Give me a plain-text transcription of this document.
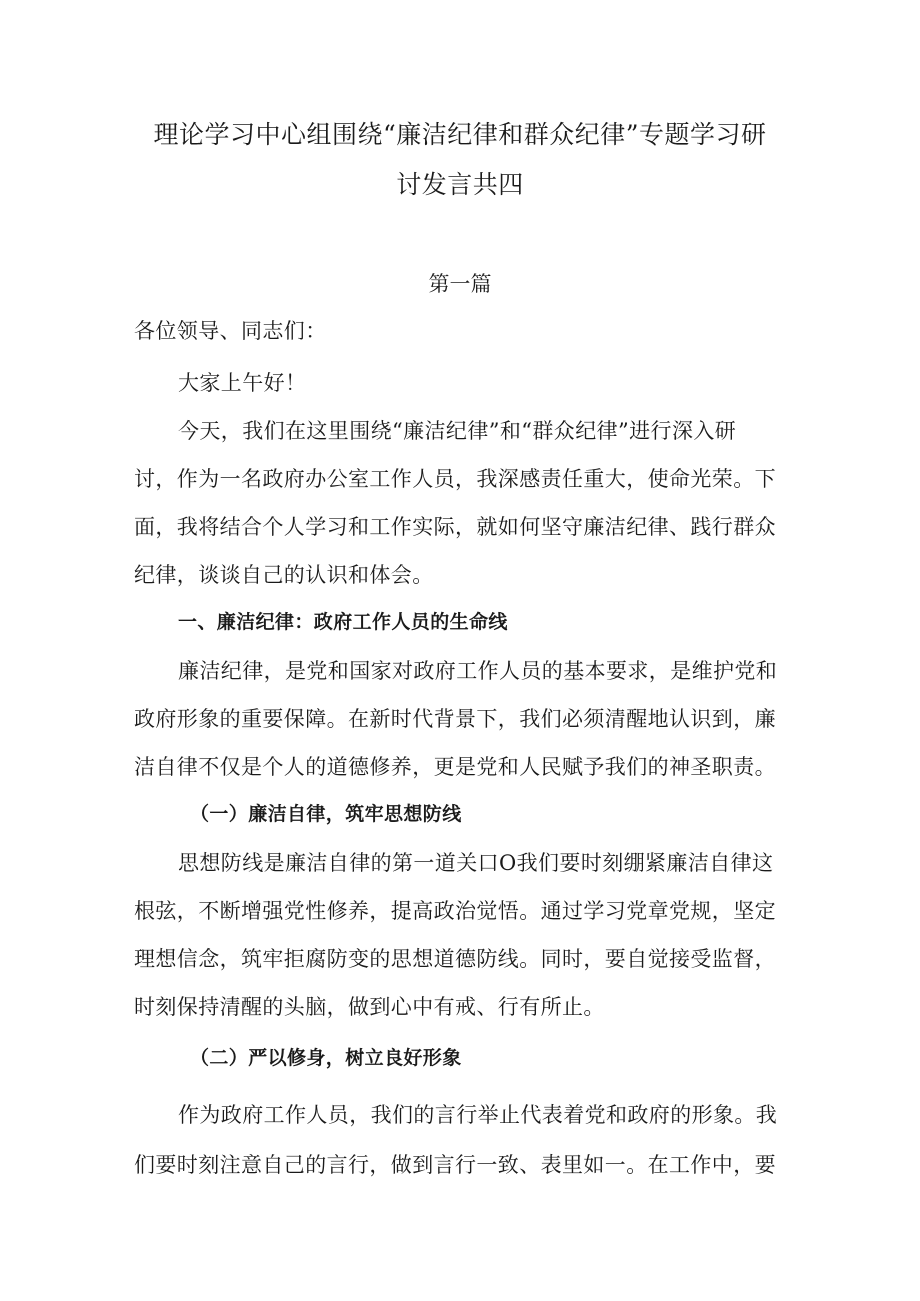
理论学习中心组围绕“廉洁纪律和群众纪律”专题学习研
讨发言共四
第一篇
各位领导、同志们：
大家上午好！
今天，我们在这里围绕“廉洁纪律”和“群众纪律”进行深入研
讨，作为一名政府办公室工作人员，我深感责任重大，使命光荣。下
面，我将结合个人学习和工作实际，就如何坚守廉洁纪律、践行群众
纪律，谈谈自己的认识和体会。
一、廉洁纪律：政府工作人员的生命线
廉洁纪律，是党和国家对政府工作人员的基本要求，是维护党和
政府形象的重要保障。在新时代背景下，我们必须清醒地认识到，廉
洁自律不仅是个人的道德修养，更是党和人民赋予我们的神圣职责。
（一）廉洁自律，筑牢思想防线
思想防线是廉洁自律的第一道关口O我们要时刻绷紧廉洁自律这
根弦，不断增强党性修养，提高政治觉悟。通过学习党章党规，坚定
理想信念，筑牢拒腐防变的思想道德防线。同时，要自觉接受监督，
时刻保持清醒的头脑，做到心中有戒、行有所止。
（二）严以修身，树立良好形象
作为政府工作人员，我们的言行举止代表着党和政府的形象。我
们要时刻注意自己的言行，做到言行一致、表里如一。在工作中，要
